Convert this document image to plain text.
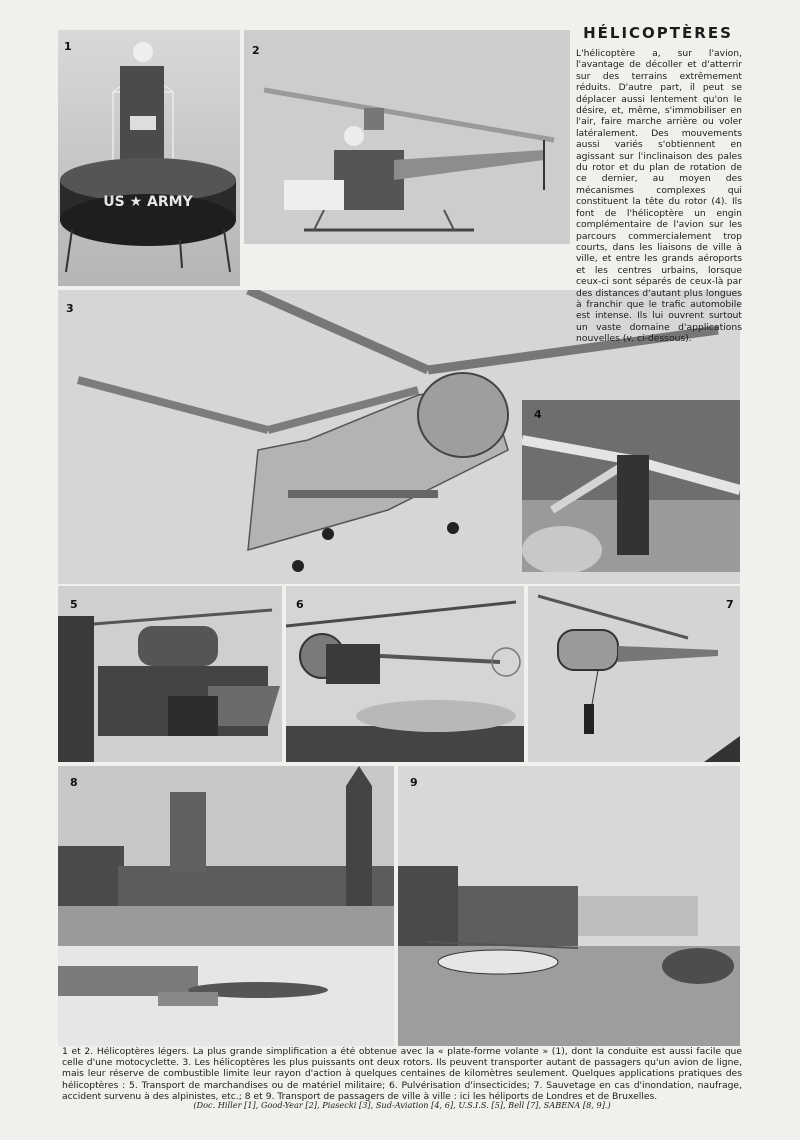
US ★ ARMY
1	2
3
HÉLICOPTÈRES
L'hélicoptère a, sur l'avion, l'avantage de décoller et d'atterrir sur des terrains extrêmement réduits. D'autre part, il peut se déplacer aussi lentement qu'on le désire, et, même, s'immobiliser en l'air, faire marche arrière ou voler latéralement. Des mouvements aussi variés s'obtiennent en agissant sur l'inclinaison des pales du rotor et du plan de rotation de ce dernier, au moyen des mécanismes complexes qui constituent la tête du rotor (4). Ils font de l'hélicoptère un engin complémentaire de l'avion sur les parcours commercialement trop courts, dans les liaisons de ville à ville, et entre les grands aéroports et les centres urbains, lorsque ceux-ci sont séparés de ceux-là par des distances d'autant plus longues à franchir que le trafic automobile est intense. Ils lui ouvrent surtout un vaste domaine d'applications nouvelles (v. ci-dessous).
4
5	6	7
8	9
1 et 2. Hélicoptères légers. La plus grande simplification a été obtenue avec la « plate-forme volante » (1), dont la conduite est aussi facile que celle d'une motocyclette. 3. Les hélicoptères les plus puissants ont deux rotors. Ils peuvent transporter autant de passagers qu'un avion de ligne, mais leur réserve de combustible limite leur rayon d'action à quelques centaines de kilomètres seulement. Quelques applications pratiques des hélicoptères : 5. Transport de marchandises ou de matériel militaire; 6. Pulvérisation d'insecticides; 7. Sauvetage en cas d'inondation, naufrage, accident survenu à des alpinistes, etc.; 8 et 9. Transport de passagers de ville à ville : ici les héliports de Londres et de Bruxelles.
(Doc. Hiller [1], Good-Year [2], Piasecki [3], Sud-Aviation [4, 6], U.S.I.S. [5], Bell [7], SABENA [8, 9].)
